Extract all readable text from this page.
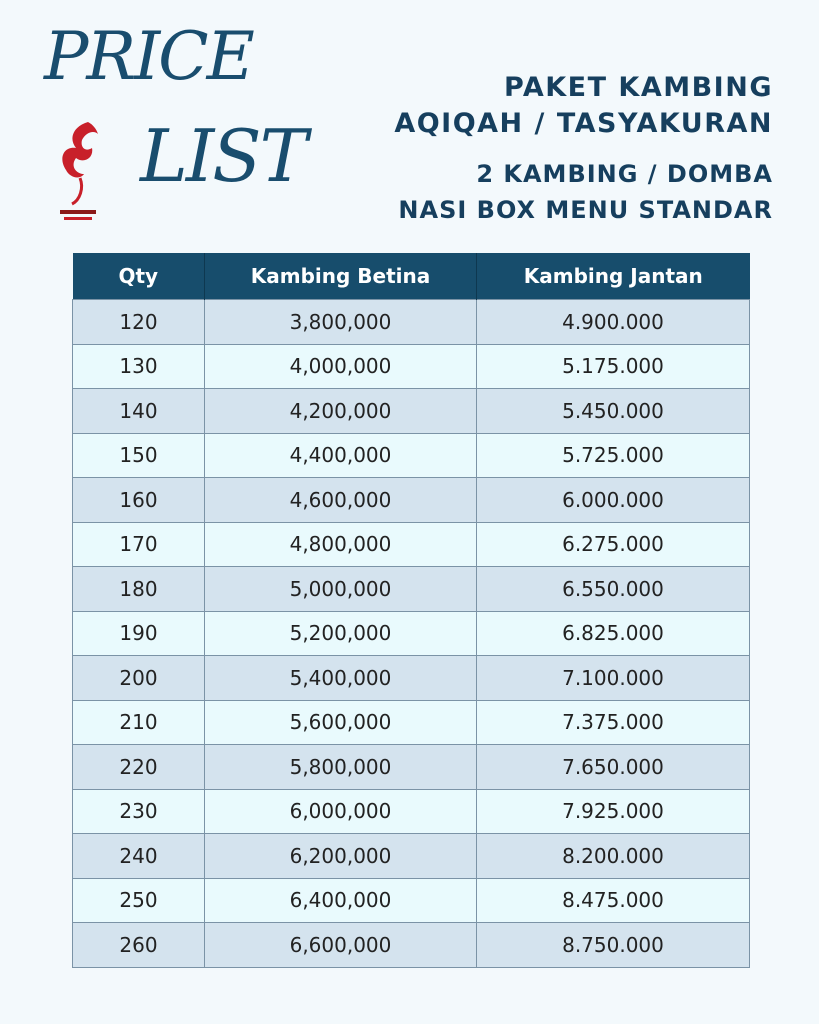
PRICE
LIST
PAKET KAMBING
AQIQAH / TASYAKURAN
2 KAMBING / DOMBA
NASI BOX MENU STANDAR
Qty	Kambing Betina	Kambing Jantan
120	3,800,000	4.900.000
130	4,000,000	5.175.000
140	4,200,000	5.450.000
150	4,400,000	5.725.000
160	4,600,000	6.000.000
170	4,800,000	6.275.000
180	5,000,000	6.550.000
190	5,200,000	6.825.000
200	5,400,000	7.100.000
210	5,600,000	7.375.000
220	5,800,000	7.650.000
230	6,000,000	7.925.000
240	6,200,000	8.200.000
250	6,400,000	8.475.000
260	6,600,000	8.750.000
